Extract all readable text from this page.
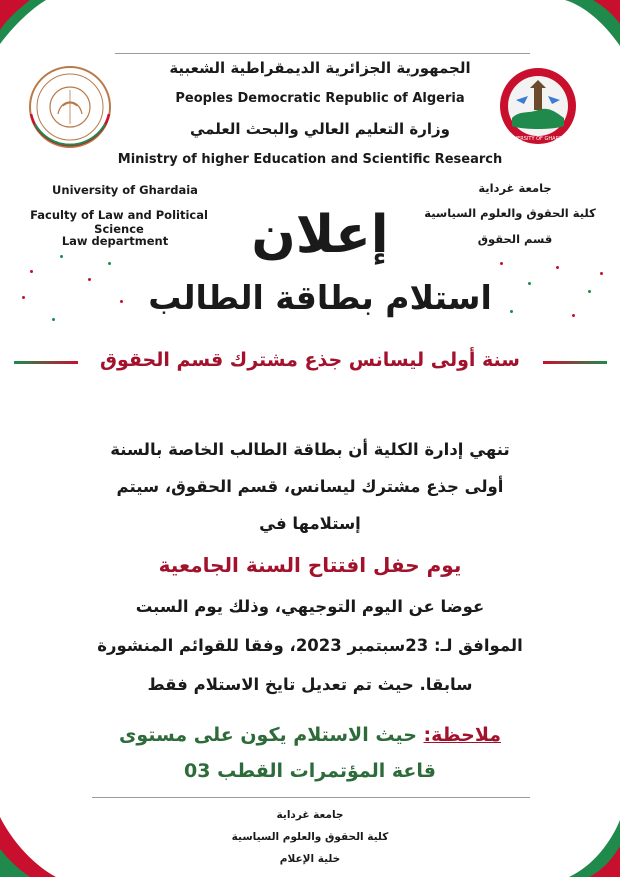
الجمهورية الجزائرية الديمقراطية الشعبية
Peoples Democratic Republic of Algeria
وزارة التعليم العالي والبحث العلمي
Ministry of higher Education and Scientific Research
UNIVERSITY OF GHARDAIA
University of Ghardaia
Faculty of Law and Political Science
Law department
جامعة غرداية
كلية الحقوق والعلوم السياسية
قسم الحقوق
إعلان
استلام بطاقة الطالب
سنة أولى ليسانس جذع مشترك قسم الحقوق
تنهي إدارة الكلية أن بطاقة الطالب الخاصة بالسنة
أولى جذع مشترك ليسانس، قسم الحقوق، سيتم
إستلامها في
يوم حفل افتتاح السنة الجامعية
عوضا عن اليوم التوجيهي، وذلك يوم السبت
الموافق لـ: 23سبتمبر 2023، وفقا للقوائم المنشورة
سابقا. حيث تم تعديل تايخ الاستلام فقط
ملاحظة: حيث الاستلام يكون على مستوى
قاعة المؤتمرات القطب 03
جامعة غرداية
كلية الحقوق والعلوم السياسية
خلية الإعلام
